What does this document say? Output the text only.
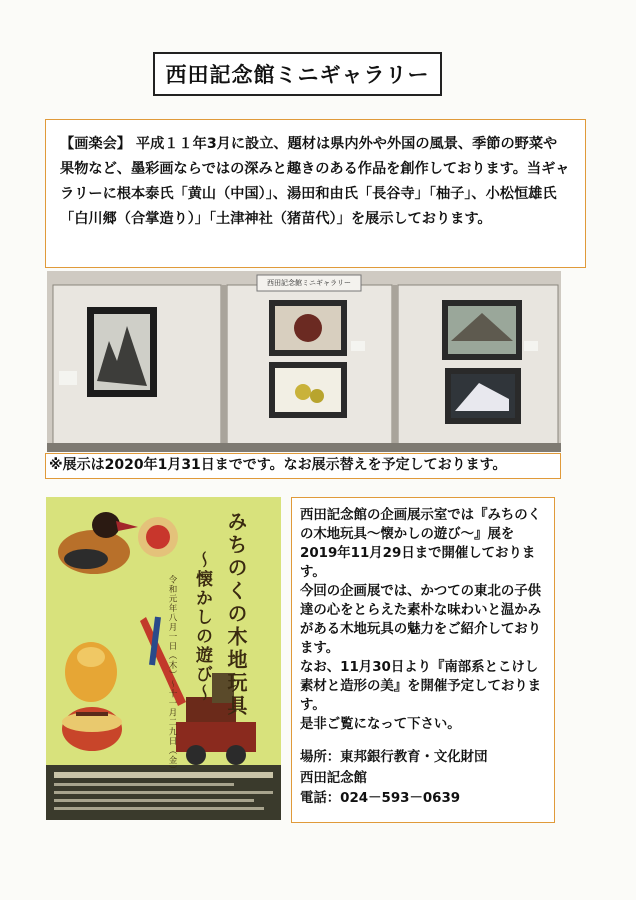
西田記念館ミニギャラリー
【画楽会】 平成１１年3月に設立、題材は県内外や外国の風景、季節の野菜や果物など、墨彩画ならではの深みと趣きのある作品を創作しております。当ギャラリーに根本泰氏「黄山（中国）」、湯田和由氏「長谷寺」「柚子」、小松恒雄氏「白川郷（合掌造り）」「土津神社（猪苗代）」を展示しております。
西田記念館ミニギャラリー
※展示は2020年1月31日までです。なお展示替えを予定しております。
みちのくの木地玩具
〜懐かしの遊び〜
令和元年八月一日（木）〜十一月二九日（金）

西田記念館の企画展示室では『みちのくの木地玩具〜懐かしの遊び〜』展を2019年11月29日まで開催しております。

今回の企画展では、かつての東北の子供達の心をとらえた素朴な味わいと温かみがある木地玩具の魅力をご紹介しております。

なお、11月30日より『南部系とこけし素材と造形の美』を開催予定しております。

是非ご覧になって下さい。

場所：東邦銀行教育・文化財団

西田記念館

電話：024－593－0639
